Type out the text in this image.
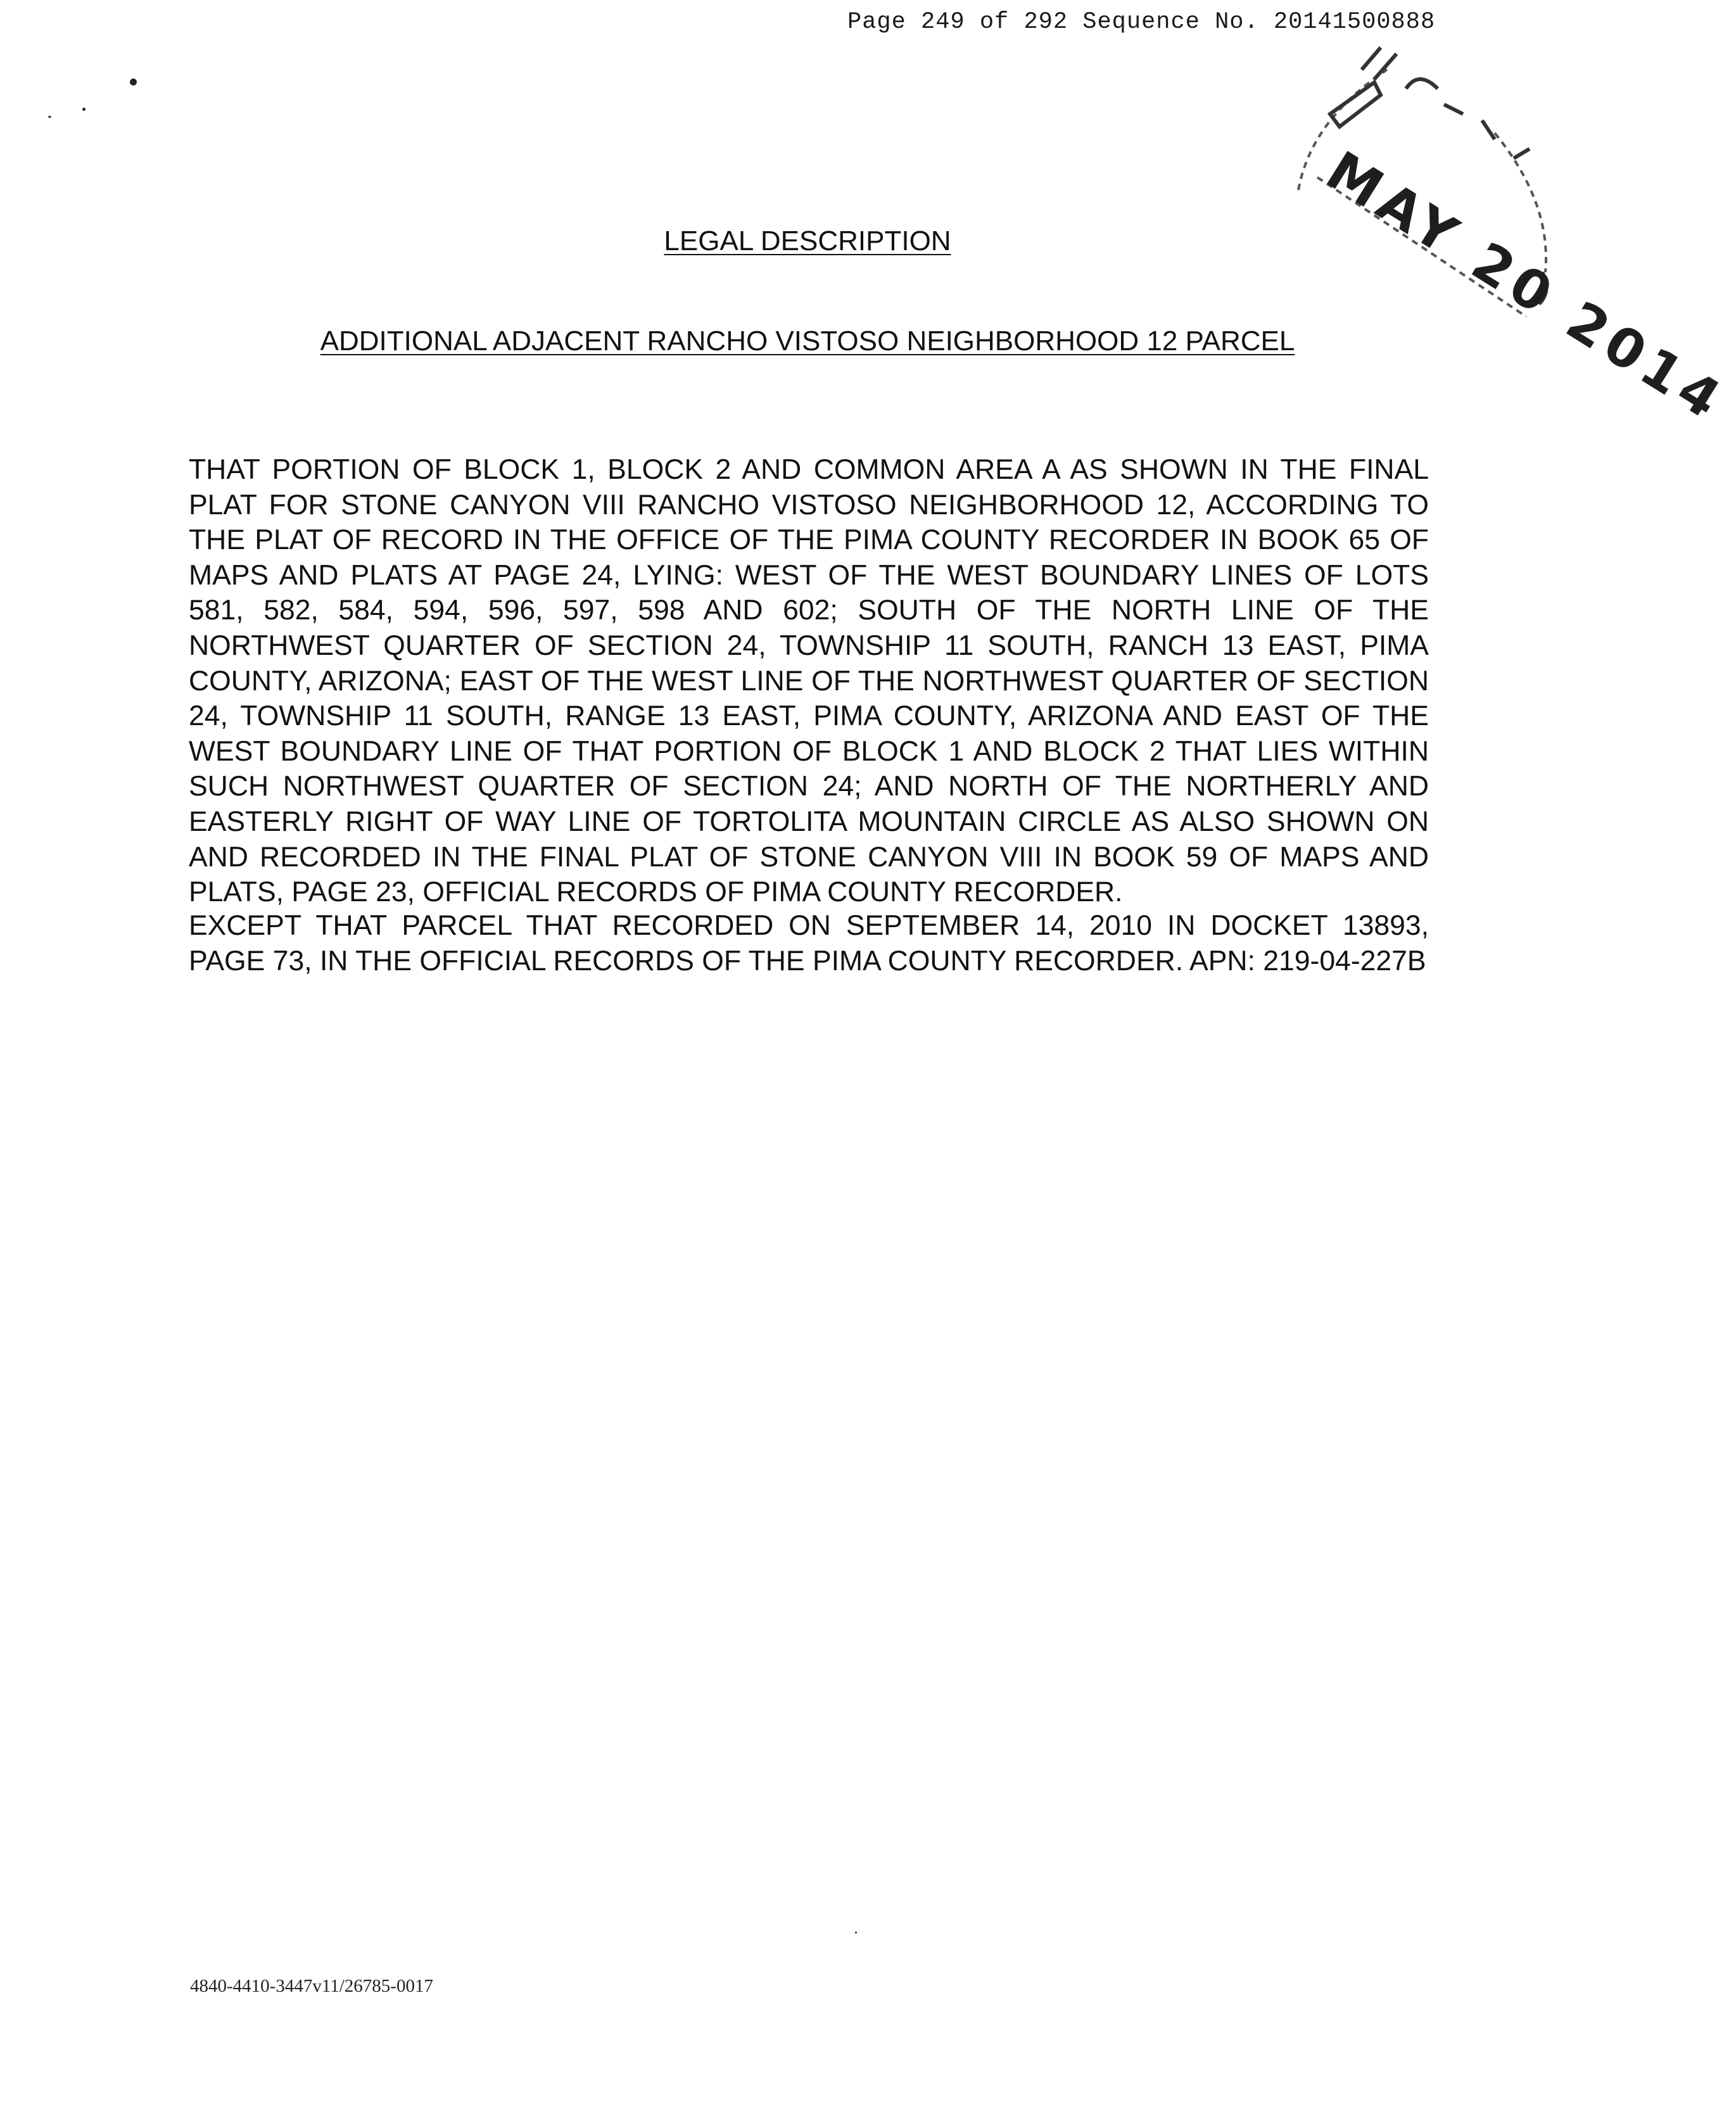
Page 249 of 292 Sequence No. 20141500888
MAY 20 2014
LEGAL DESCRIPTION
ADDITIONAL ADJACENT RANCHO VISTOSO NEIGHBORHOOD 12 PARCEL
THAT PORTION OF BLOCK 1, BLOCK 2 AND COMMON AREA A AS SHOWN IN THE FINAL PLAT FOR STONE CANYON VIII RANCHO VISTOSO NEIGHBORHOOD 12, ACCORDING TO THE PLAT OF RECORD IN THE OFFICE OF THE PIMA COUNTY RECORDER IN BOOK 65 OF MAPS AND PLATS AT PAGE 24, LYING: WEST OF THE WEST BOUNDARY LINES OF LOTS 581, 582, 584, 594, 596, 597, 598 AND 602; SOUTH OF THE NORTH LINE OF THE NORTHWEST QUARTER OF SECTION 24, TOWNSHIP 11 SOUTH, RANCH 13 EAST, PIMA COUNTY, ARIZONA; EAST OF THE WEST LINE OF THE NORTHWEST QUARTER OF SECTION 24, TOWNSHIP 11 SOUTH, RANGE 13 EAST, PIMA COUNTY, ARIZONA AND EAST OF THE WEST BOUNDARY LINE OF THAT PORTION OF BLOCK 1 AND BLOCK 2 THAT LIES WITHIN SUCH NORTHWEST QUARTER OF SECTION 24; AND NORTH OF THE NORTHERLY AND EASTERLY RIGHT OF WAY LINE OF TORTOLITA MOUNTAIN CIRCLE AS ALSO SHOWN ON AND RECORDED IN THE FINAL PLAT OF STONE CANYON VIII IN BOOK 59 OF MAPS AND PLATS, PAGE 23, OFFICIAL RECORDS OF PIMA COUNTY RECORDER.
EXCEPT THAT PARCEL THAT RECORDED ON SEPTEMBER 14, 2010 IN DOCKET 13893, PAGE 73, IN THE OFFICIAL RECORDS OF THE PIMA COUNTY RECORDER. APN: 219-04-227B
4840-4410-3447v11/26785-0017
